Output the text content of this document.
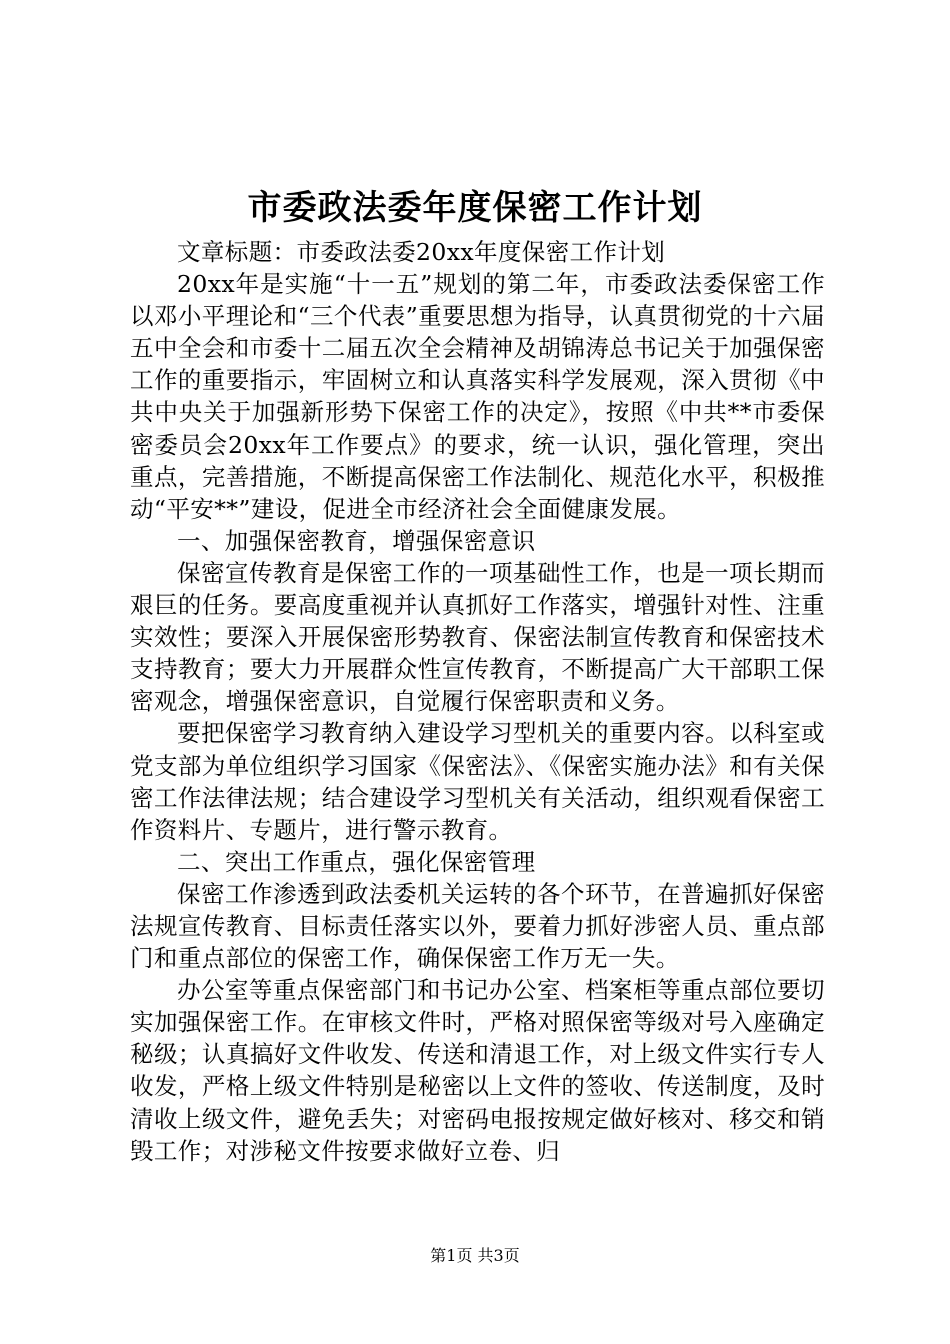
市委政法委年度保密工作计划

文章标题：市委政法委20xx年度保密工作计划

20xx年是实施“十一五”规划的第二年，市委政法委保密工作以邓小平理论和“三个代表”重要思想为指导，认真贯彻党的十六届五中全会和市委十二届五次全会精神及胡锦涛总书记关于加强保密工作的重要指示，牢固树立和认真落实科学发展观，深入贯彻《中共中央关于加强新形势下保密工作的决定》，按照《中共**市委保密委员会20xx年工作要点》的要求，统一认识，强化管理，突出重点，完善措施，不断提高保密工作法制化、规范化水平，积极推动“平安**”建设，促进全市经济社会全面健康发展。

一、加强保密教育，增强保密意识

保密宣传教育是保密工作的一项基础性工作，也是一项长期而艰巨的任务。要高度重视并认真抓好工作落实，增强针对性、注重实效性；要深入开展保密形势教育、保密法制宣传教育和保密技术支持教育；要大力开展群众性宣传教育，不断提高广大干部职工保密观念，增强保密意识，自觉履行保密职责和义务。

要把保密学习教育纳入建设学习型机关的重要内容。以科室或党支部为单位组织学习国家《保密法》、《保密实施办法》和有关保密工作法律法规；结合建设学习型机关有关活动，组织观看保密工作资料片、专题片，进行警示教育。

二、突出工作重点，强化保密管理

保密工作渗透到政法委机关运转的各个环节，在普遍抓好保密法规宣传教育、目标责任落实以外，要着力抓好涉密人员、重点部门和重点部位的保密工作，确保保密工作万无一失。

办公室等重点保密部门和书记办公室、档案柜等重点部位要切实加强保密工作。在审核文件时，严格对照保密等级对号入座确定秘级；认真搞好文件收发、传送和清退工作，对上级文件实行专人收发，严格上级文件特别是秘密以上文件的签收、传送制度，及时清收上级文件，避免丢失；对密码电报按规定做好核对、移交和销毁工作；对涉秘文件按要求做好立卷、归

第1页 共3页
